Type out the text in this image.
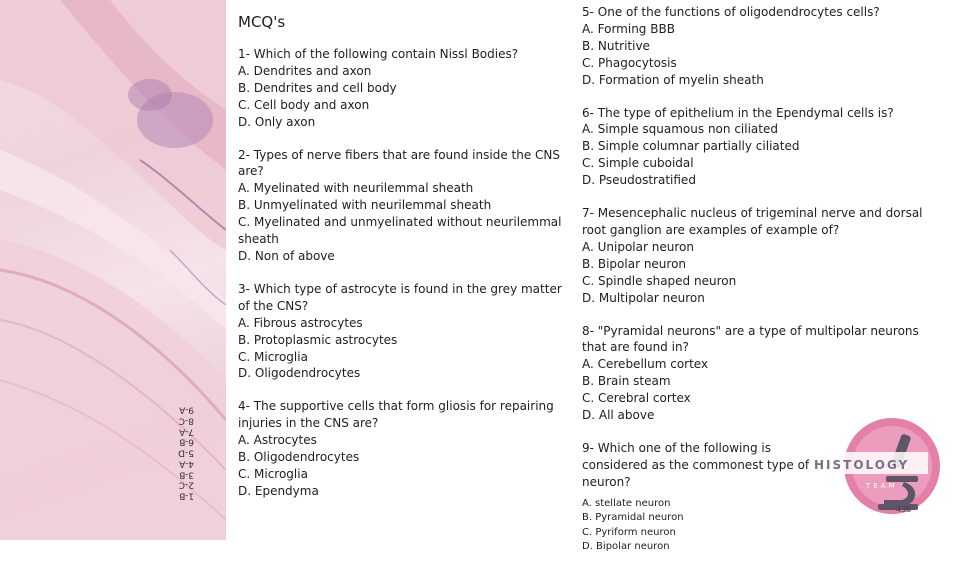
1-B
2-C
3-B
4-A
5-D
6-B
7-A
8-C
9-A
MCQ's
1- Which of the following contain Nissl Bodies?
A. Dendrites and axon
B. Dendrites and cell body
C. Cell body and axon
D. Only axon
2- Types of nerve fibers that are found inside the CNS are?
A. Myelinated with neurilemmal sheath
B. Unmyelinated with neurilemmal sheath
C. Myelinated and unmyelinated without neurilemmal sheath
D. Non of above
3- Which type of astrocyte is found in the grey matter of the CNS?
A. Fibrous astrocytes
B. Protoplasmic astrocytes
C. Microglia
D. Oligodendrocytes
4- The supportive cells that form gliosis for repairing injuries in the CNS are?
A. Astrocytes
B. Oligodendrocytes
C. Microglia
D. Ependyma
5- One of the functions of oligodendrocytes cells?
A. Forming BBB
B. Nutritive
C. Phagocytosis
D. Formation of myelin sheath
6- The type of epithelium in the Ependymal cells is?
A. Simple squamous non ciliated
B. Simple columnar partially ciliated
C. Simple cuboidal
D. Pseudostratified
7- Mesencephalic nucleus of trigeminal nerve and dorsal root ganglion are examples of example of?
A. Unipolar neuron
B. Bipolar neuron
C. Spindle shaped neuron
D. Multipolar neuron
8- "Pyramidal neurons" are a type of multipolar neurons that are found in?
A. Cerebellum cortex
B. Brain steam
C. Cerebral cortex
D. All above
9- Which one of the following is considered as the commonest type of neuron?
A. stellate neuron
B. Pyramidal neuron
C. Pyriform neuron
D. Bipolar neuron
HISTOLOGY
TEAM
436
